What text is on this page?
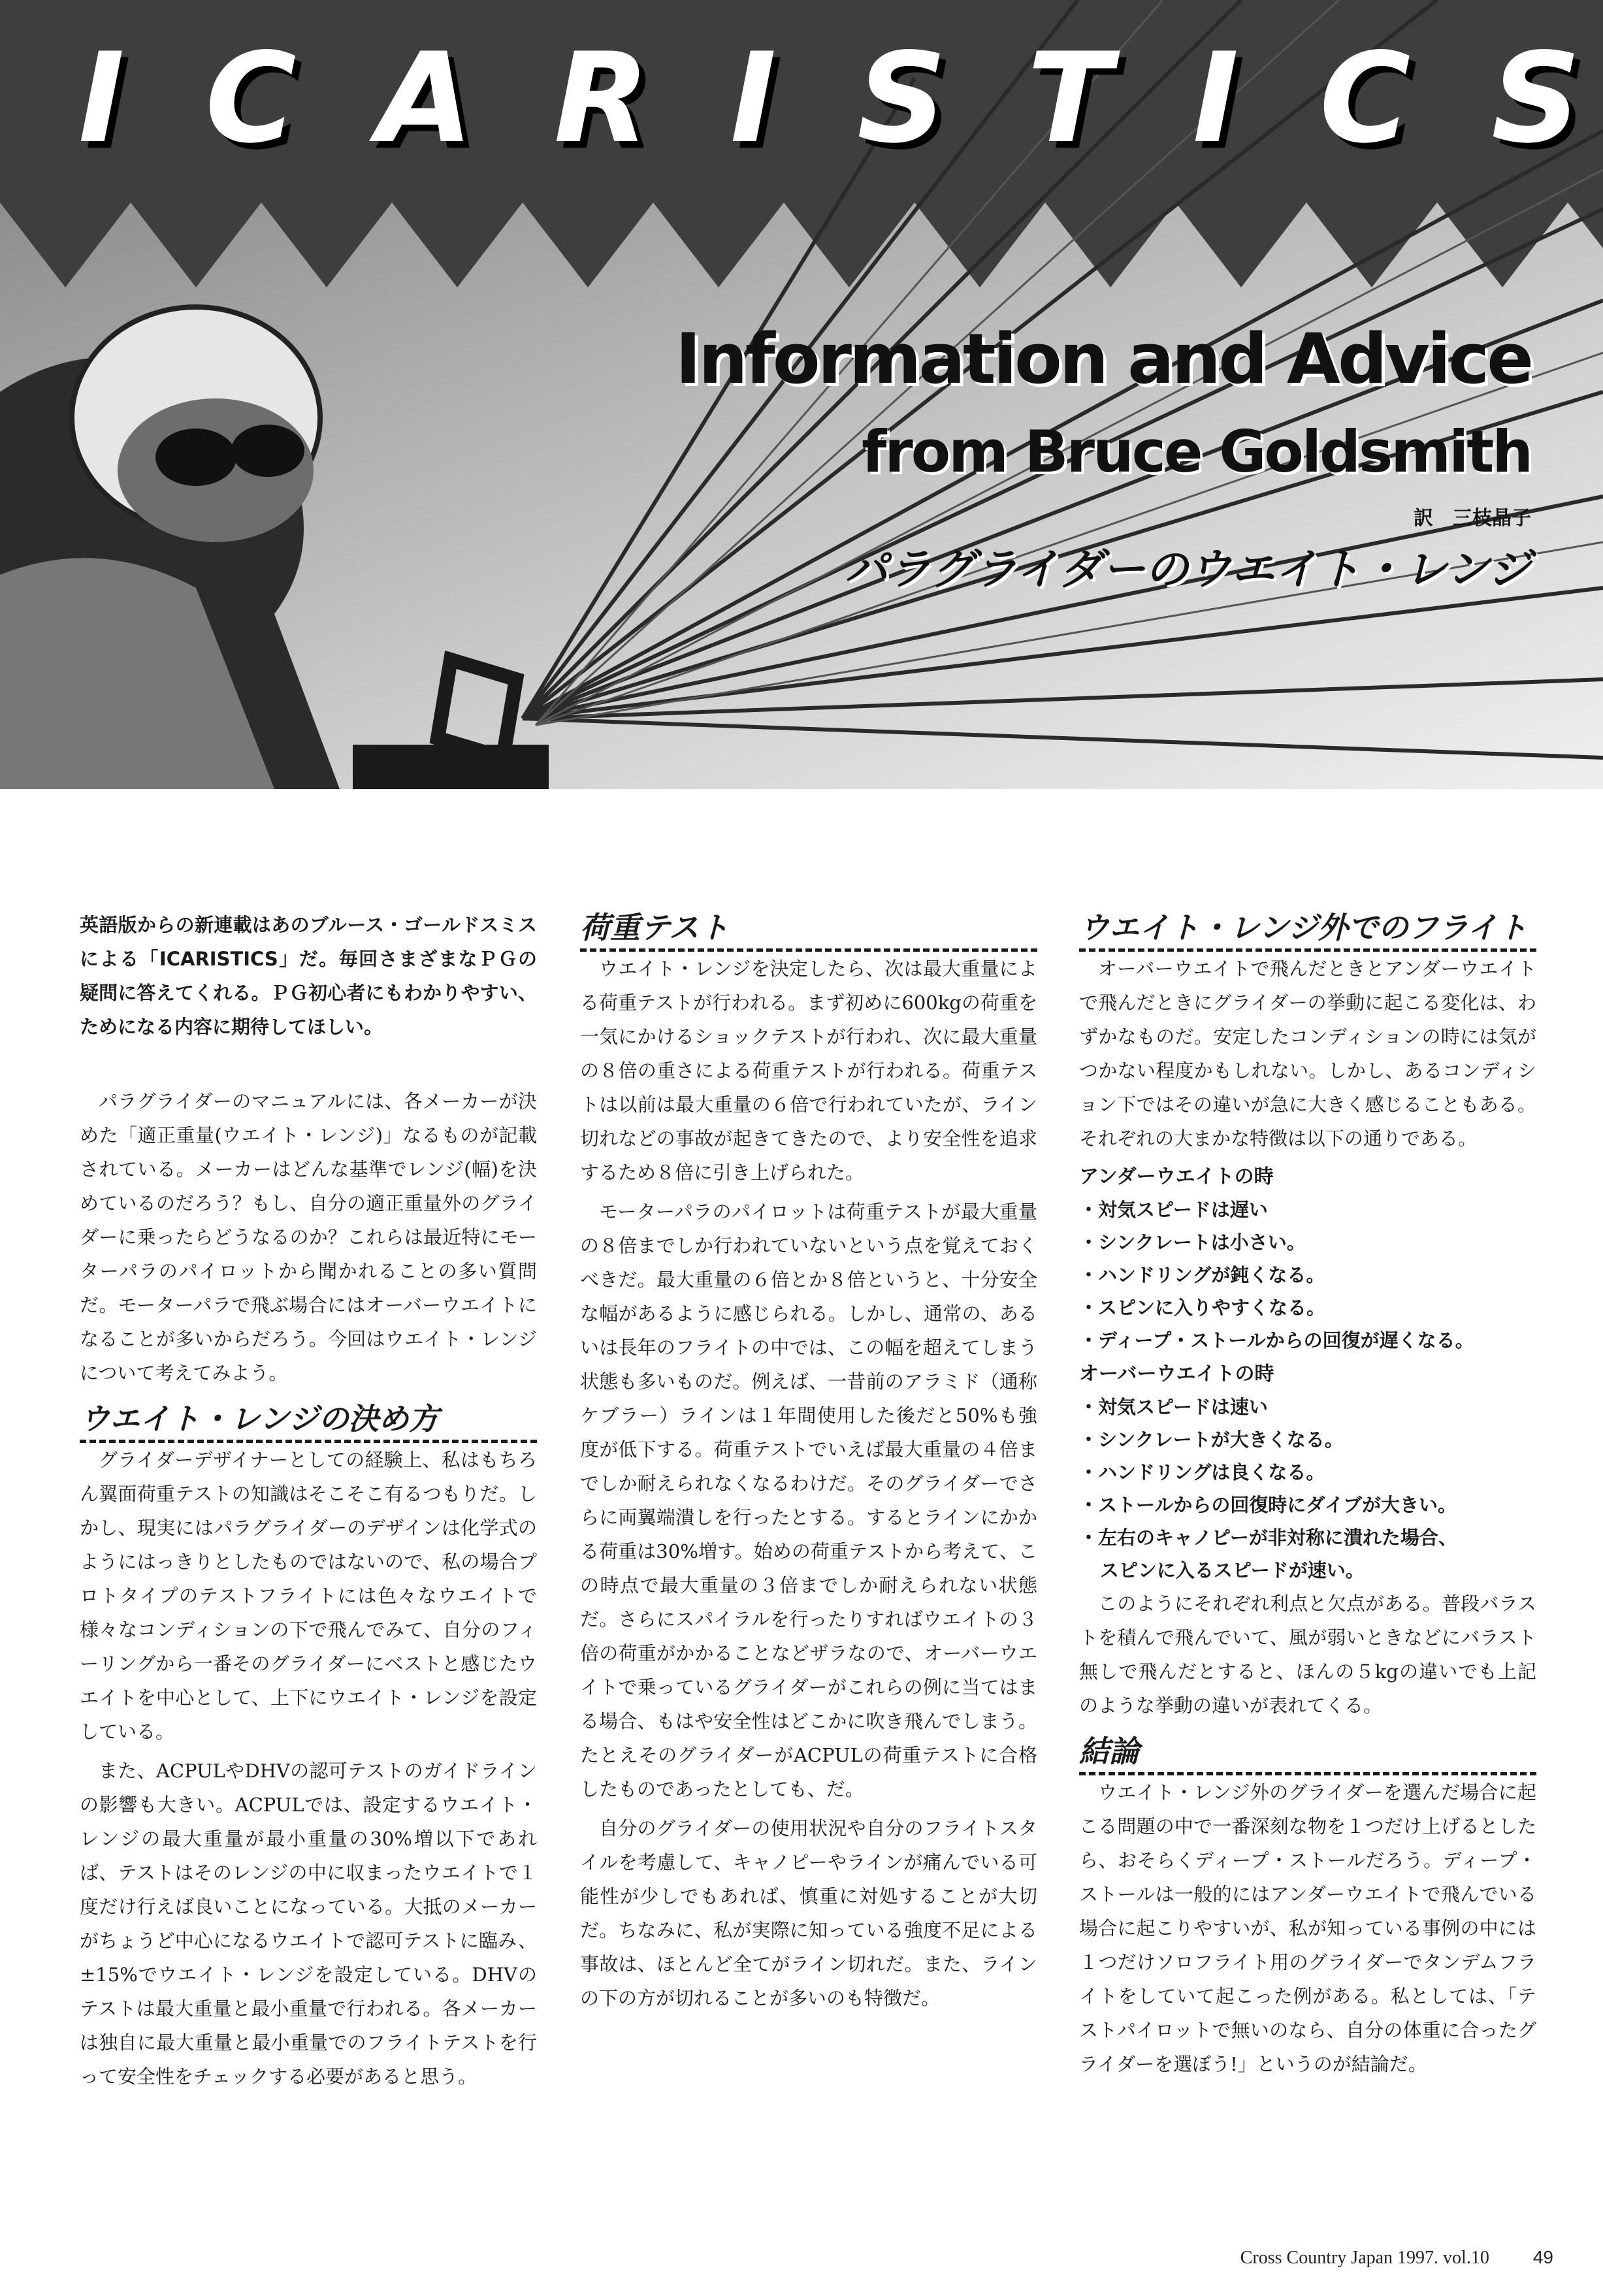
I C A R I S T I C S
Information and Advice
from Bruce Goldsmith
訳　三枝晶子
パラグライダーのウエイト・レンジ

英語版からの新連載はあのブルース・ゴールドスミスによる「ICARISTICS」だ。毎回さまざまなＰＧの疑問に答えてくれる。ＰＧ初心者にもわかりやすい、ためになる内容に期待してほしい。

パラグライダーのマニュアルには、各メーカーが決めた「適正重量(ウエイト・レンジ)」なるものが記載されている。メーカーはどんな基準でレンジ(幅)を決めているのだろう？もし、自分の適正重量外のグライダーに乗ったらどうなるのか？これらは最近特にモーターパラのパイロットから聞かれることの多い質問だ。モーターパラで飛ぶ場合にはオーバーウエイトになることが多いからだろう。今回はウエイト・レンジについて考えてみよう。

ウエイト・レンジの決め方

グライダーデザイナーとしての経験上、私はもちろん翼面荷重テストの知識はそこそこ有るつもりだ。しかし、現実にはパラグライダーのデザインは化学式のようにはっきりとしたものではないので、私の場合プロトタイプのテストフライトには色々なウエイトで様々なコンディションの下で飛んでみて、自分のフィーリングから一番そのグライダーにベストと感じたウエイトを中心として、上下にウエイト・レンジを設定している。

また、ACPULやDHVの認可テストのガイドラインの影響も大きい。ACPULでは、設定するウエイト・レンジの最大重量が最小重量の30%増以下であれば、テストはそのレンジの中に収まったウエイトで１度だけ行えば良いことになっている。大抵のメーカーがちょうど中心になるウエイトで認可テストに臨み、±15%でウエイト・レンジを設定している。DHVのテストは最大重量と最小重量で行われる。各メーカーは独自に最大重量と最小重量でのフライトテストを行って安全性をチェックする必要があると思う。

荷重テスト

ウエイト・レンジを決定したら、次は最大重量による荷重テストが行われる。まず初めに600kgの荷重を一気にかけるショックテストが行われ、次に最大重量の８倍の重さによる荷重テストが行われる。荷重テストは以前は最大重量の６倍で行われていたが、ライン切れなどの事故が起きてきたので、より安全性を追求するため８倍に引き上げられた。

モーターパラのパイロットは荷重テストが最大重量の８倍までしか行われていないという点を覚えておくべきだ。最大重量の６倍とか８倍というと、十分安全な幅があるように感じられる。しかし、通常の、あるいは長年のフライトの中では、この幅を超えてしまう状態も多いものだ。例えば、一昔前のアラミド（通称ケブラー）ラインは１年間使用した後だと50%も強度が低下する。荷重テストでいえば最大重量の４倍までしか耐えられなくなるわけだ。そのグライダーでさらに両翼端潰しを行ったとする。するとラインにかかる荷重は30%増す。始めの荷重テストから考えて、この時点で最大重量の３倍までしか耐えられない状態だ。さらにスパイラルを行ったりすればウエイトの３倍の荷重がかかることなどザラなので、オーバーウエイトで乗っているグライダーがこれらの例に当てはまる場合、もはや安全性はどこかに吹き飛んでしまう。たとえそのグライダーがACPULの荷重テストに合格したものであったとしても、だ。

自分のグライダーの使用状況や自分のフライトスタイルを考慮して、キャノピーやラインが痛んでいる可能性が少しでもあれば、慎重に対処することが大切だ。ちなみに、私が実際に知っている強度不足による事故は、ほとんど全てがライン切れだ。また、ラインの下の方が切れることが多いのも特徴だ。

ウエイト・レンジ外でのフライト

オーバーウエイトで飛んだときとアンダーウエイトで飛んだときにグライダーの挙動に起こる変化は、わずかなものだ。安定したコンディションの時には気がつかない程度かもしれない。しかし、あるコンディション下ではその違いが急に大きく感じることもある。それぞれの大まかな特徴は以下の通りである。

アンダーウエイトの時
・対気スピードは遅い
・シンクレートは小さい。
・ハンドリングが鈍くなる。
・スピンに入りやすくなる。
・ディープ・ストールからの回復が遅くなる。
オーバーウエイトの時
・対気スピードは速い
・シンクレートが大きくなる。
・ハンドリングは良くなる。
・ストールからの回復時にダイブが大きい。
・左右のキャノピーが非対称に潰れた場合、
スピンに入るスピードが速い。

このようにそれぞれ利点と欠点がある。普段バラストを積んで飛んでいて、風が弱いときなどにバラスト無しで飛んだとすると、ほんの５kgの違いでも上記のような挙動の違いが表れてくる。

結論

ウエイト・レンジ外のグライダーを選んだ場合に起こる問題の中で一番深刻な物を１つだけ上げるとしたら、おそらくディープ・ストールだろう。ディープ・ストールは一般的にはアンダーウエイトで飛んでいる場合に起こりやすいが、私が知っている事例の中には１つだけソロフライト用のグライダーでタンデムフライトをしていて起こった例がある。私としては、「テストパイロットで無いのなら、自分の体重に合ったグライダーを選ぼう!」というのが結論だ。

Cross Country Japan 1997. vol.10 49
